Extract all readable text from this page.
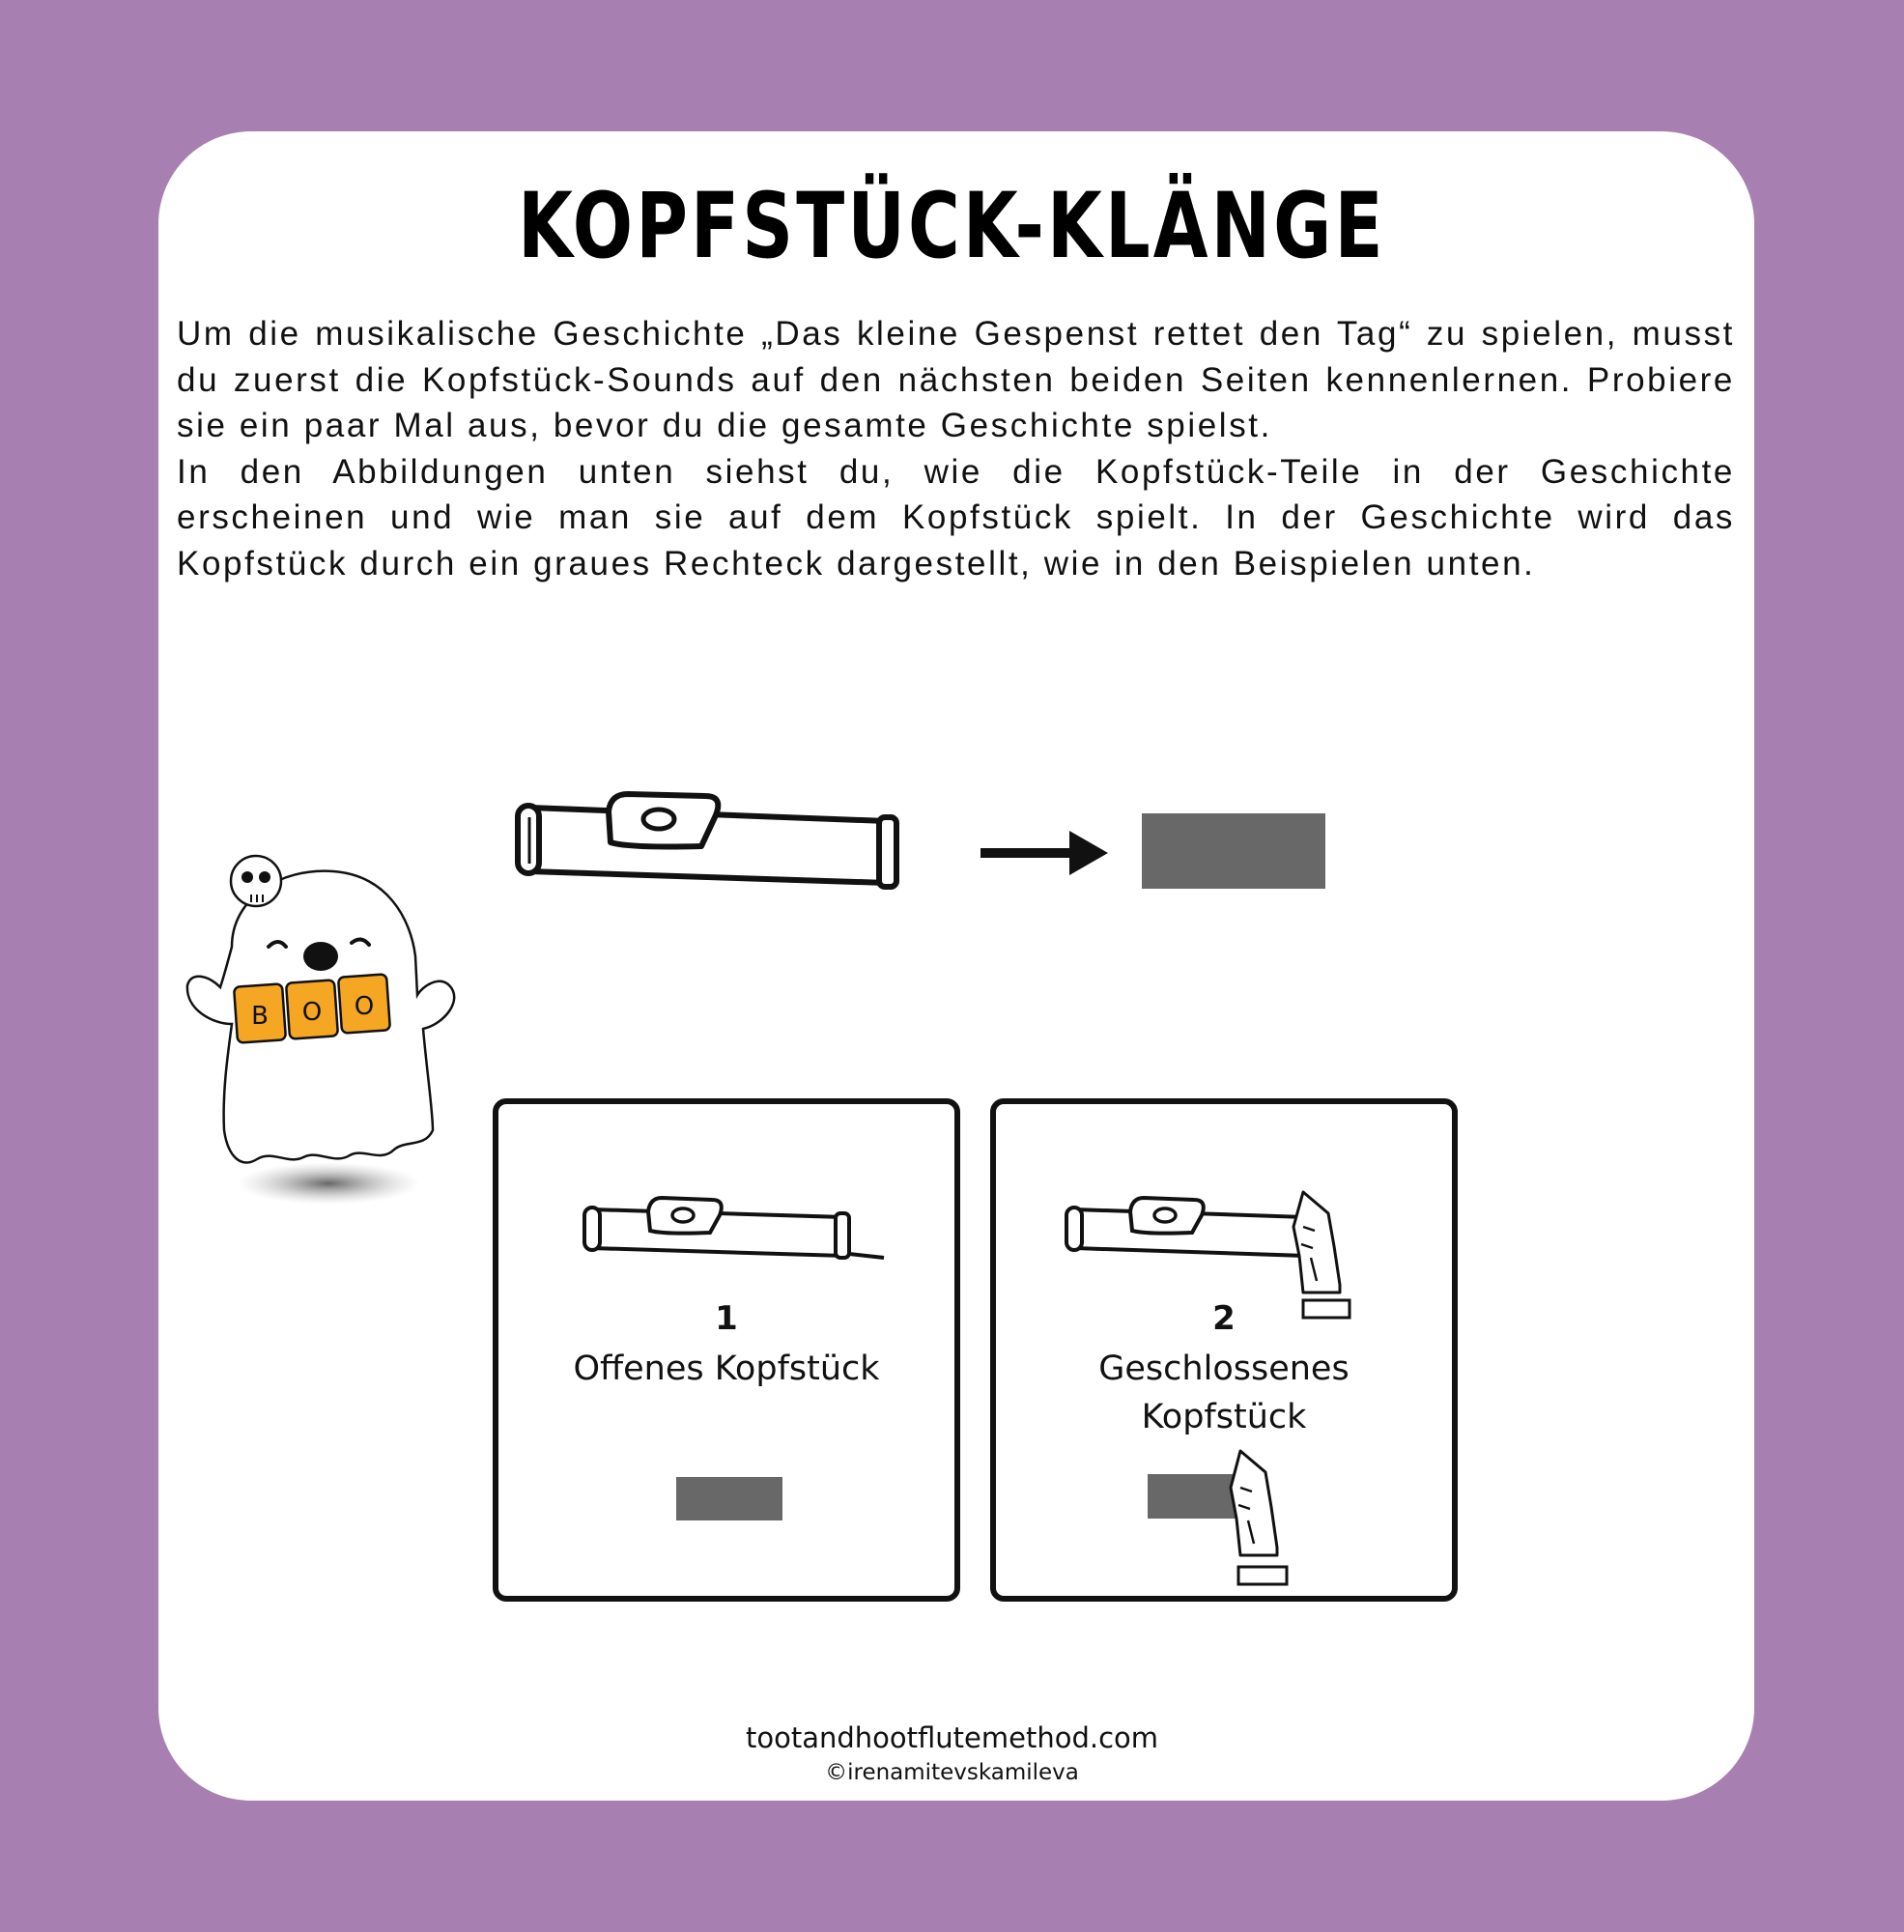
KOPFSTÜCK-KLÄNGE

Um die musikalische Geschichte „Das kleine Gespenst rettet den Tag“ zu spielen, musst du zuerst die Kopfstück-Sounds auf den nächsten beiden Seiten kennenlernen. Probiere sie ein paar Mal aus, bevor du die gesamte Geschichte spielst.

In den Abbildungen unten siehst du, wie die Kopfstück-Teile in der Geschichte erscheinen und wie man sie auf dem Kopfstück spielt. In der Geschichte wird das Kopfstück durch ein graues Rechteck dargestellt, wie in den Beispielen unten.

B O O
1
Offenes Kopfstück
2
Geschlossenes
Kopfstück
tootandhootflutemethod.com
©irenamitevskamileva
